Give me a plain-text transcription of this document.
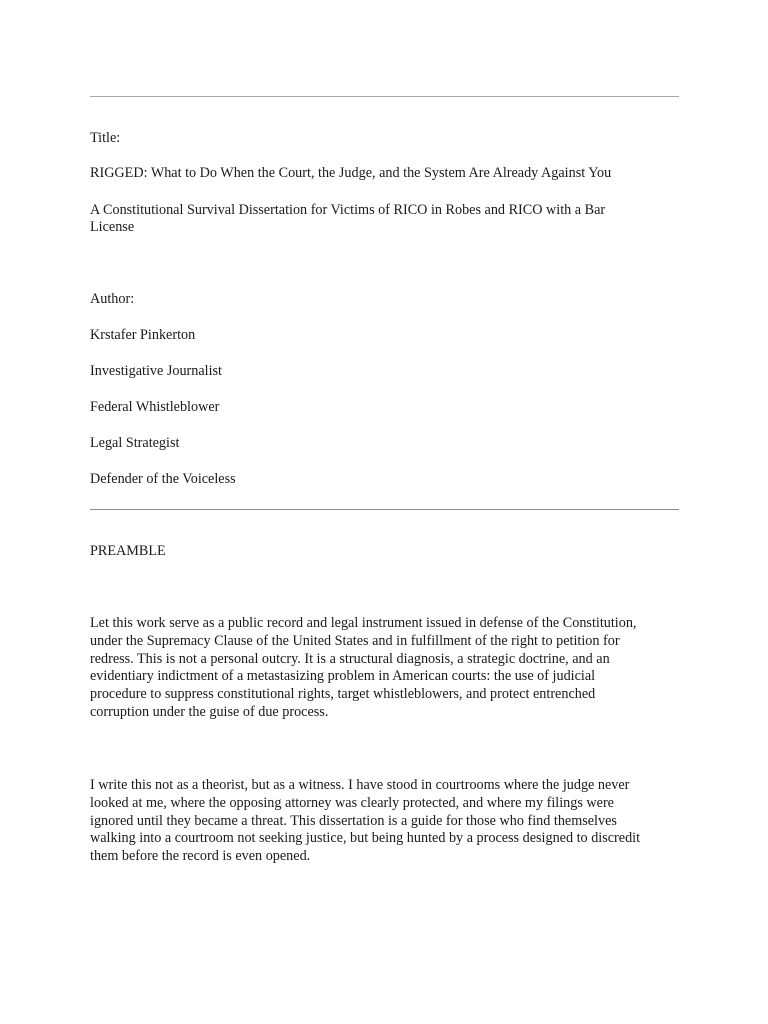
Title:

RIGGED: What to Do When the Court, the Judge, and the System Are Already Against You

A Constitutional Survival Dissertation for Victims of RICO in Robes and RICO with a Bar

License

Author:

Krstafer Pinkerton

Investigative Journalist

Federal Whistleblower

Legal Strategist

Defender of the Voiceless

PREAMBLE

Let this work serve as a public record and legal instrument issued in defense of the Constitution,
under the Supremacy Clause of the United States and in fulfillment of the right to petition for
redress. This is not a personal outcry. It is a structural diagnosis, a strategic doctrine, and an
evidentiary indictment of a metastasizing problem in American courts: the use of judicial
procedure to suppress constitutional rights, target whistleblowers, and protect entrenched
corruption under the guise of due process.
I write this not as a theorist, but as a witness. I have stood in courtrooms where the judge never
looked at me, where the opposing attorney was clearly protected, and where my filings were
ignored until they became a threat. This dissertation is a guide for those who find themselves
walking into a courtroom not seeking justice, but being hunted by a process designed to discredit
them before the record is even opened.
